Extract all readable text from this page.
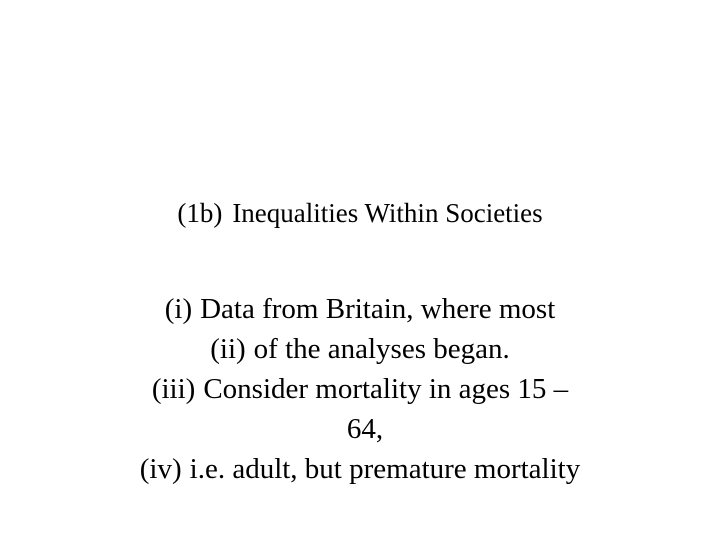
(1b) Inequalities Within Societies
(i) Data from Britain, where most
(ii) of the analyses began.
(iii) Consider mortality in ages 15 –
64,
(iv) i.e. adult, but premature mortality
